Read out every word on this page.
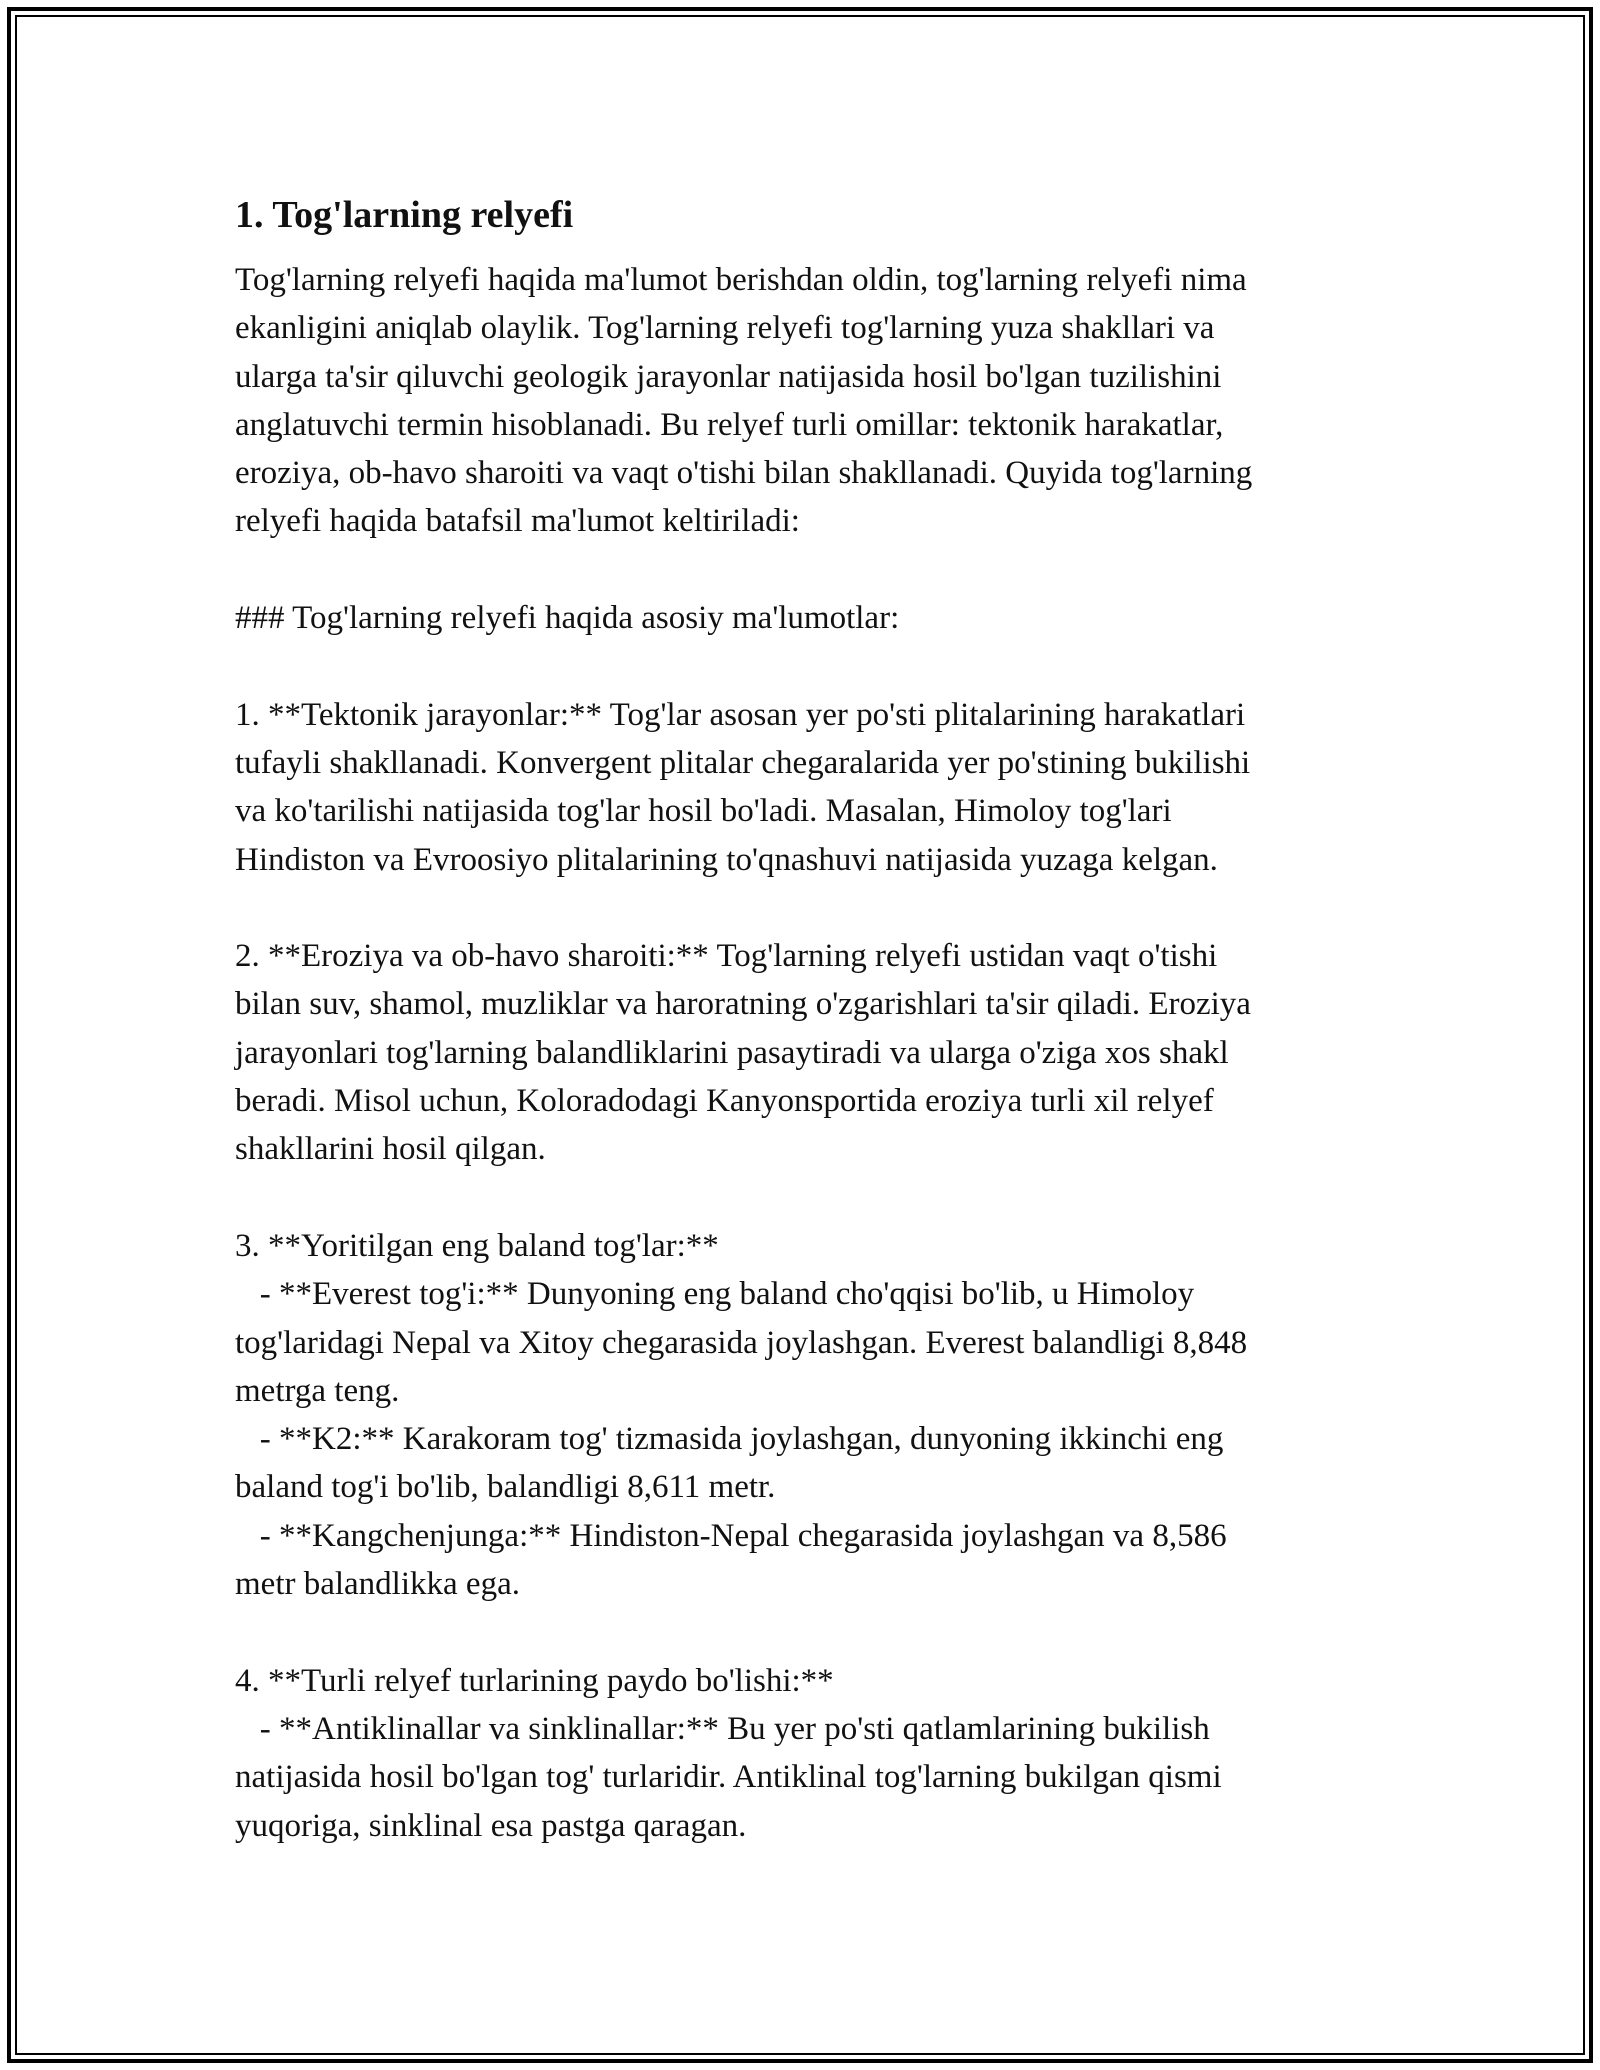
1. Tog'larning relyefi
Tog'larning relyefi haqida ma'lumot berishdan oldin, tog'larning relyefi nima
ekanligini aniqlab olaylik. Tog'larning relyefi tog'larning yuza shakllari va
ularga ta'sir qiluvchi geologik jarayonlar natijasida hosil bo'lgan tuzilishini
anglatuvchi termin hisoblanadi. Bu relyef turli omillar: tektonik harakatlar,
eroziya, ob-havo sharoiti va vaqt o'tishi bilan shakllanadi. Quyida tog'larning
relyefi haqida batafsil ma'lumot keltiriladi:
### Tog'larning relyefi haqida asosiy ma'lumotlar:
1. **Tektonik jarayonlar:** Tog'lar asosan yer po'sti plitalarining harakatlari
tufayli shakllanadi. Konvergent plitalar chegaralarida yer po'stining bukilishi
va ko'tarilishi natijasida tog'lar hosil bo'ladi. Masalan, Himoloy tog'lari
Hindiston va Evroosiyo plitalarining to'qnashuvi natijasida yuzaga kelgan.
2. **Eroziya va ob-havo sharoiti:** Tog'larning relyefi ustidan vaqt o'tishi
bilan suv, shamol, muzliklar va haroratning o'zgarishlari ta'sir qiladi. Eroziya
jarayonlari tog'larning balandliklarini pasaytiradi va ularga o'ziga xos shakl
beradi. Misol uchun, Koloradodagi Kanyonsportida eroziya turli xil relyef
shakllarini hosil qilgan.
3. **Yoritilgan eng baland tog'lar:**
- **Everest tog'i:** Dunyoning eng baland cho'qqisi bo'lib, u Himoloy
tog'laridagi Nepal va Xitoy chegarasida joylashgan. Everest balandligi 8,848
metrga teng.
- **K2:** Karakoram tog' tizmasida joylashgan, dunyoning ikkinchi eng
baland tog'i bo'lib, balandligi 8,611 metr.
- **Kangchenjunga:** Hindiston-Nepal chegarasida joylashgan va 8,586
metr balandlikka ega.
4. **Turli relyef turlarining paydo bo'lishi:**
- **Antiklinallar va sinklinallar:** Bu yer po'sti qatlamlarining bukilish
natijasida hosil bo'lgan tog' turlaridir. Antiklinal tog'larning bukilgan qismi
yuqoriga, sinklinal esa pastga qaragan.
